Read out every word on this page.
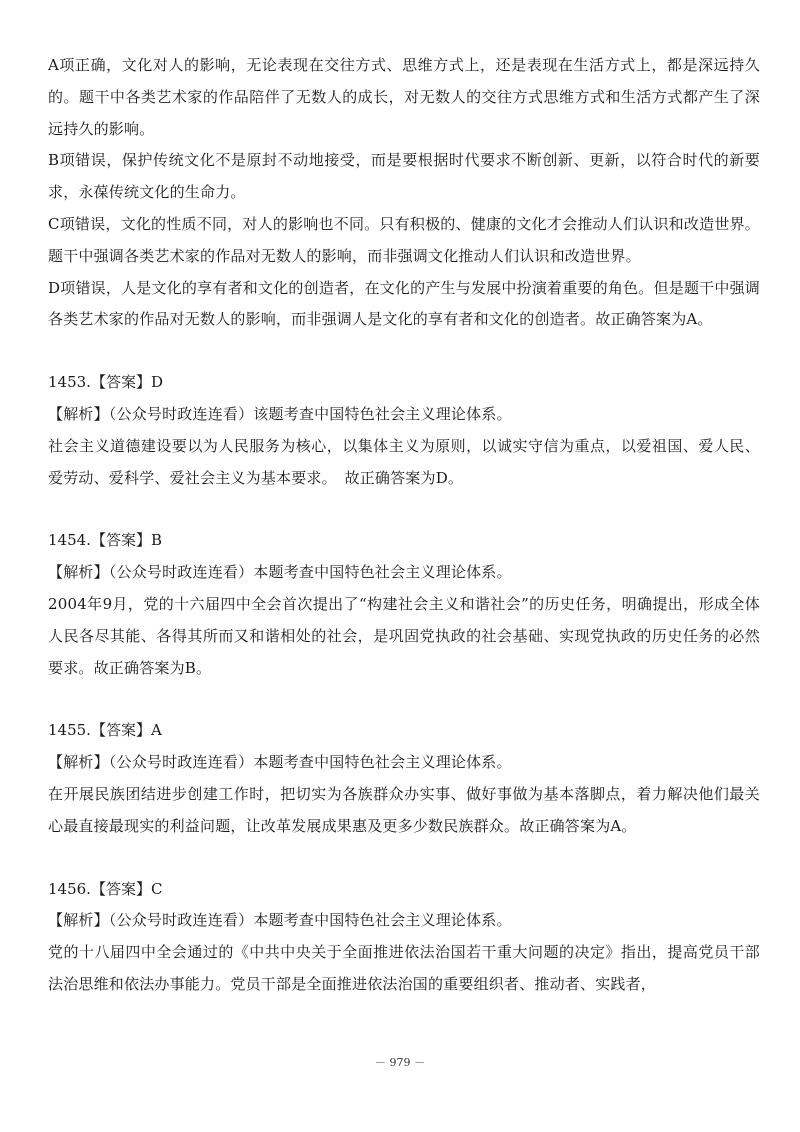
A项正确，文化对人的影响，无论表现在交往方式、思维方式上，还是表现在生活方式上，都是深远持久的。题干中各类艺术家的作品陪伴了无数人的成长，对无数人的交往方式思维方式和生活方式都产生了深远持久的影响。

B项错误，保护传统文化不是原封不动地接受，而是要根据时代要求不断创新、更新，以符合时代的新要求，永葆传统文化的生命力。

C项错误，文化的性质不同，对人的影响也不同。只有积极的、健康的文化才会推动人们认识和改造世界。题干中强调各类艺术家的作品对无数人的影响，而非强调文化推动人们认识和改造世界。

D项错误，人是文化的享有者和文化的创造者，在文化的产生与发展中扮演着重要的角色。但是题干中强调各类艺术家的作品对无数人的影响，而非强调人是文化的享有者和文化的创造者。故正确答案为A。

1453.【答案】D

【解析】（公众号时政连连看）该题考查中国特色社会主义理论体系。

社会主义道德建设要以为人民服务为核心，以集体主义为原则，以诚实守信为重点，以爱祖国、爱人民、爱劳动、爱科学、爱社会主义为基本要求。　故正确答案为D。

1454.【答案】B

【解析】（公众号时政连连看）本题考查中国特色社会主义理论体系。

2004年9月，党的十六届四中全会首次提出了“构建社会主义和谐社会”的历史任务，明确提出，形成全体人民各尽其能、各得其所而又和谐相处的社会，是巩固党执政的社会基础、实现党执政的历史任务的必然要求。故正确答案为B。

1455.【答案】A

【解析】（公众号时政连连看）本题考查中国特色社会主义理论体系。

在开展民族团结进步创建工作时，把切实为各族群众办实事、做好事做为基本落脚点，着力解决他们最关心最直接最现实的利益问题，让改革发展成果惠及更多少数民族群众。故正确答案为A。

1456.【答案】C

【解析】（公众号时政连连看）本题考查中国特色社会主义理论体系。

党的十八届四中全会通过的《中共中央关于全面推进依法治国若干重大问题的决定》指出，提高党员干部法治思维和依法办事能力。党员干部是全面推进依法治国的重要组织者、推动者、实践者，

－ 979 －
